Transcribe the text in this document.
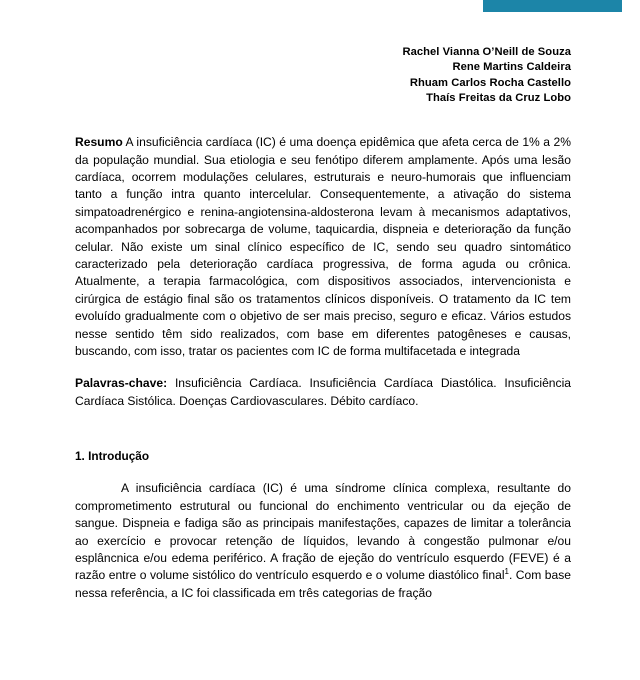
Rachel Vianna O’Neill de Souza
Rene Martins Caldeira
Rhuam Carlos Rocha Castello
Thaís Freitas da Cruz Lobo

Resumo A insuficiência cardíaca (IC) é uma doença epidêmica que afeta cerca de 1% a 2% da população mundial. Sua etiologia e seu fenótipo diferem amplamente. Após uma lesão cardíaca, ocorrem modulações celulares, estruturais e neuro-humorais que influenciam tanto a função intra quanto intercelular. Consequentemente, a ativação do sistema simpatoadrenérgico e renina-angiotensina-aldosterona levam à mecanismos adaptativos, acompanhados por sobrecarga de volume, taquicardia, dispneia e deterioração da função celular. Não existe um sinal clínico específico de IC, sendo seu quadro sintomático caracterizado pela deterioração cardíaca progressiva, de forma aguda ou crônica. Atualmente, a terapia farmacológica, com dispositivos associados, intervencionista e cirúrgica de estágio final são os tratamentos clínicos disponíveis. O tratamento da IC tem evoluído gradualmente com o objetivo de ser mais preciso, seguro e eficaz. Vários estudos nesse sentido têm sido realizados, com base em diferentes patogêneses e causas, buscando, com isso, tratar os pacientes com IC de forma multifacetada e integrada

Palavras-chave: Insuficiência Cardíaca. Insuficiência Cardíaca Diastólica. Insuficiência Cardíaca Sistólica. Doenças Cardiovasculares. Débito cardíaco.

1. Introdução

A insuficiência cardíaca (IC) é uma síndrome clínica complexa, resultante do comprometimento estrutural ou funcional do enchimento ventricular ou da ejeção de sangue. Dispneia e fadiga são as principais manifestações, capazes de limitar a tolerância ao exercício e provocar retenção de líquidos, levando à congestão pulmonar e/ou esplâncnica e/ou edema periférico. A fração de ejeção do ventrículo esquerdo (FEVE) é a razão entre o volume sistólico do ventrículo esquerdo e o volume diastólico final$^1$. Com base nessa referência, a IC foi classificada em três categorias de fração
